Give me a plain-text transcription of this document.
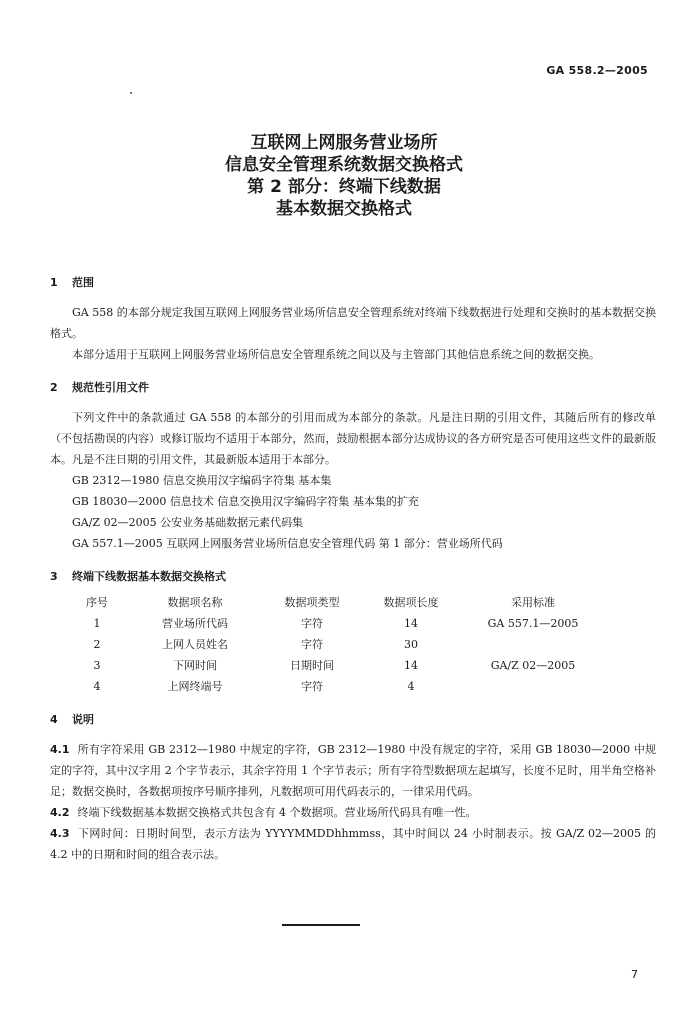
GA 558.2—2005
互联网上网服务营业场所
信息安全管理系统数据交换格式
第 2 部分：终端下线数据
基本数据交换格式
1 范围

GA 558 的本部分规定我国互联网上网服务营业场所信息安全管理系统对终端下线数据进行处理和交换时的基本数据交换格式。

本部分适用于互联网上网服务营业场所信息安全管理系统之间以及与主管部门其他信息系统之间的数据交换。

2 规范性引用文件

下列文件中的条款通过 GA 558 的本部分的引用而成为本部分的条款。凡是注日期的引用文件，其随后所有的修改单（不包括勘误的内容）或修订版均不适用于本部分，然而，鼓励根据本部分达成协议的各方研究是否可使用这些文件的最新版本。凡是不注日期的引用文件，其最新版本适用于本部分。

GB 2312—1980 信息交换用汉字编码字符集 基本集

GB 18030—2000 信息技术 信息交换用汉字编码字符集 基本集的扩充

GA/Z 02—2005 公安业务基础数据元素代码集

GA 557.1—2005 互联网上网服务营业场所信息安全管理代码 第 1 部分：营业场所代码

3 终端下线数据基本数据交换格式
序号	数据项名称	数据项类型	数据项长度	采用标准
1	营业场所代码	字符	14	GA 557.1—2005
2	上网人员姓名	字符	30
3	下网时间	日期时间	14	GA/Z 02—2005
4	上网终端号	字符	4
4 说明

4.1 所有字符采用 GB 2312—1980 中规定的字符，GB 2312—1980 中没有规定的字符，采用 GB 18030—2000 中规定的字符，其中汉字用 2 个字节表示，其余字符用 1 个字节表示；所有字符型数据项左起填写，长度不足时，用半角空格补足；数据交换时，各数据项按序号顺序排列，凡数据项可用代码表示的，一律采用代码。

4.2 终端下线数据基本数据交换格式共包含有 4 个数据项。营业场所代码具有唯一性。

4.3 下网时间：日期时间型，表示方法为 YYYYMMDDhhmmss，其中时间以 24 小时制表示。按 GA/Z 02—2005 的 4.2 中的日期和时间的组合表示法。

7
